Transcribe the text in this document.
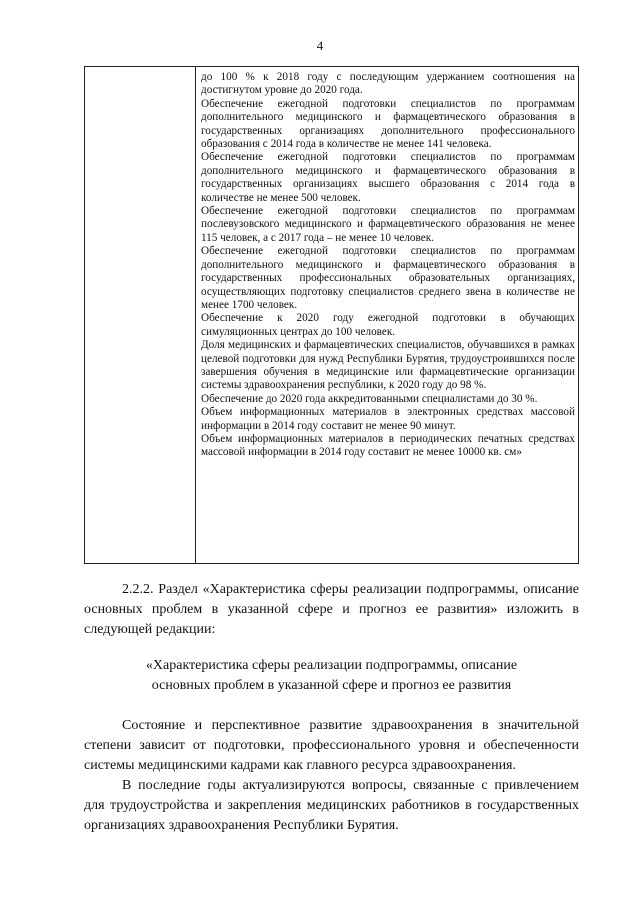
4

до 100 % к 2018 году с последующим удержанием соотношения на достигнутом уровне до 2020 года.

Обеспечение ежегодной подготовки специалистов по программам дополнительного медицинского и фармацевтического образования в государственных организациях дополнительного профессионального образования с 2014 года в количестве не менее 141 человека.

Обеспечение ежегодной подготовки специалистов по программам дополнительного медицинского и фармацевтического образования в государственных организациях высшего образования с 2014 года в количестве не менее 500 человек.

Обеспечение ежегодной подготовки специалистов по программам послевузовского медицинского и фармацевтического образования не менее 115 человек, а с 2017 года – не менее 10 человек.

Обеспечение ежегодной подготовки специалистов по программам дополнительного медицинского и фармацевтического образования в государственных профессиональных образовательных организациях, осуществляющих подготовку специалистов среднего звена в количестве не менее 1700 человек.

Обеспечение к 2020 году ежегодной подготовки в обучающих симуляционных центрах до 100 человек.

Доля медицинских и фармацевтических специалистов, обучавшихся в рамках целевой подготовки для нужд Республики Бурятия, трудоустроившихся после завершения обучения в медицинские или фармацевтические организации системы здравоохранения республики, к 2020 году до 98 %.

Обеспечение до 2020 года аккредитованными специалистами до 30 %.

Объем информационных материалов в электронных средствах массовой информации в 2014 году составит не менее 90 минут.

Объем информационных материалов в периодических печатных средствах массовой информации в 2014 году составит не менее 10000 кв. см»

2.2.2. Раздел «Характеристика сферы реализации подпрограммы, описание основных проблем в указанной сфере и прогноз ее развития» изложить в следующей редакции:

«Характеристика сферы реализации подпрограммы, описание
основных проблем в указанной сфере и прогноз ее развития

Состояние и перспективное развитие здравоохранения в значительной степени зависит от подготовки, профессионального уровня и обеспеченности системы медицинскими кадрами как главного ресурса здравоохранения.

В последние годы актуализируются вопросы, связанные с привлечением для трудоустройства и закрепления медицинских работников в государственных организациях здравоохранения Республики Бурятия.
